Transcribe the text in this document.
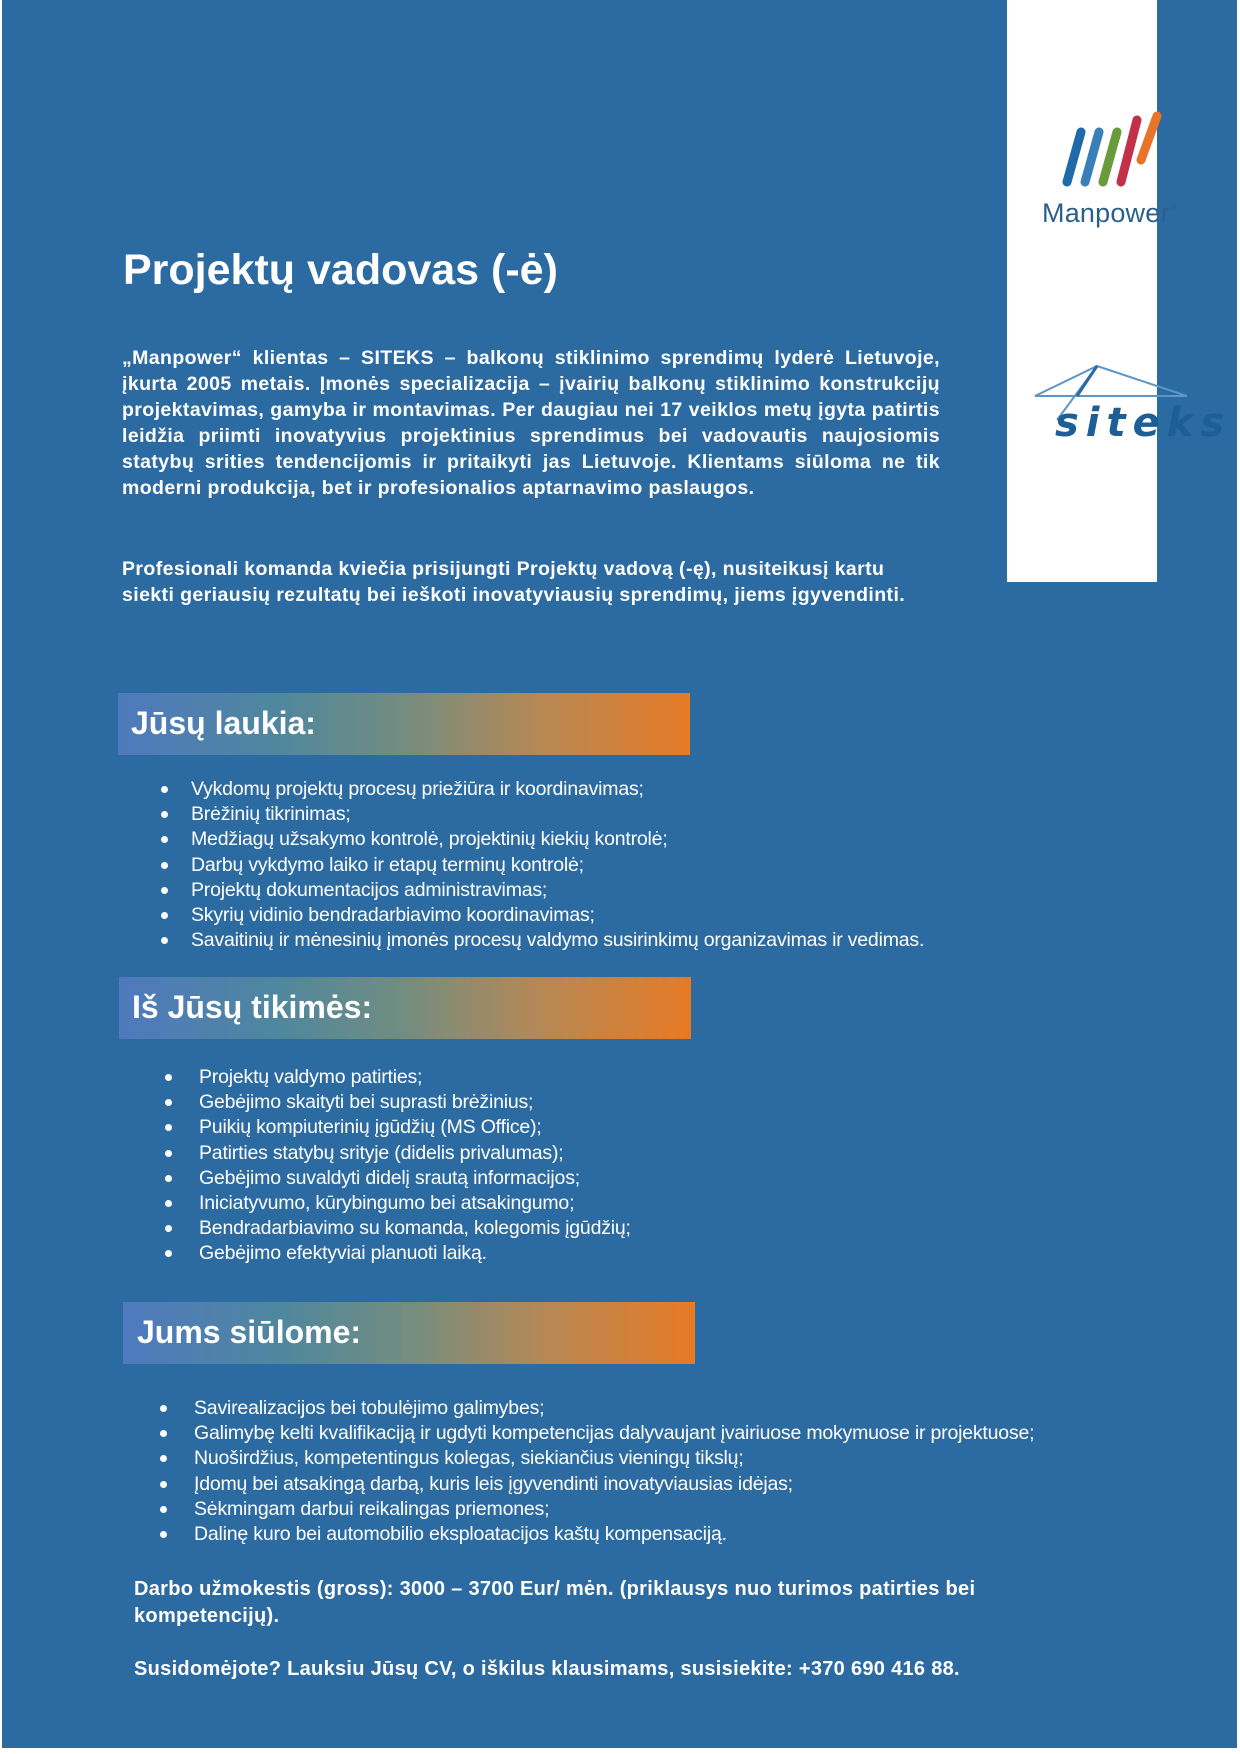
Manpower®
siteks
Projektų vadovas (-ė)

„Manpower“ klientas – SITEKS – balkonų stiklinimo sprendimų lyderė Lietuvoje, įkurta 2005 metais. Įmonės specializacija – įvairių balkonų stiklinimo konstrukcijų projektavimas, gamyba ir montavimas. Per daugiau nei 17 veiklos metų įgyta patirtis leidžia priimti inovatyvius projektinius sprendimus bei vadovautis naujosiomis statybų srities tendencijomis ir pritaikyti jas Lietuvoje. Klientams siūloma ne tik moderni produkcija, bet ir profesionalios aptarnavimo paslaugos.

Profesionali komanda kviečia prisijungti Projektų vadovą (-ę), nusiteikusį kartu siekti geriausių rezultatų bei ieškoti inovatyviausių sprendimų, jiems įgyvendinti.

Jūsų laukia:
Vykdomų projektų procesų priežiūra ir koordinavimas;
Brėžinių tikrinimas;
Medžiagų užsakymo kontrolė, projektinių kiekių kontrolė;
Darbų vykdymo laiko ir etapų terminų kontrolė;
Projektų dokumentacijos administravimas;
Skyrių vidinio bendradarbiavimo koordinavimas;
Savaitinių ir mėnesinių įmonės procesų valdymo susirinkimų organizavimas ir vedimas.
Iš Jūsų tikimės:
Projektų valdymo patirties;
Gebėjimo skaityti bei suprasti brėžinius;
Puikių kompiuterinių įgūdžių (MS Office);
Patirties statybų srityje (didelis privalumas);
Gebėjimo suvaldyti didelį srautą informacijos;
Iniciatyvumo, kūrybingumo bei atsakingumo;
Bendradarbiavimo su komanda, kolegomis įgūdžių;
Gebėjimo efektyviai planuoti laiką.
Jums siūlome:
Savirealizacijos bei tobulėjimo galimybes;
Galimybę kelti kvalifikaciją ir ugdyti kompetencijas dalyvaujant įvairiuose mokymuose ir projektuose;
Nuoširdžius, kompetentingus kolegas, siekiančius vieningų tikslų;
Įdomų bei atsakingą darbą, kuris leis įgyvendinti inovatyviausias idėjas;
Sėkmingam darbui reikalingas priemones;
Dalinę kuro bei automobilio eksploatacijos kaštų kompensaciją.

Darbo užmokestis (gross): 3000 – 3700 Eur/ mėn. (priklausys nuo turimos patirties bei kompetencijų).

Susidomėjote? Lauksiu Jūsų CV, o iškilus klausimams, susisiekite: +370 690 416 88.
